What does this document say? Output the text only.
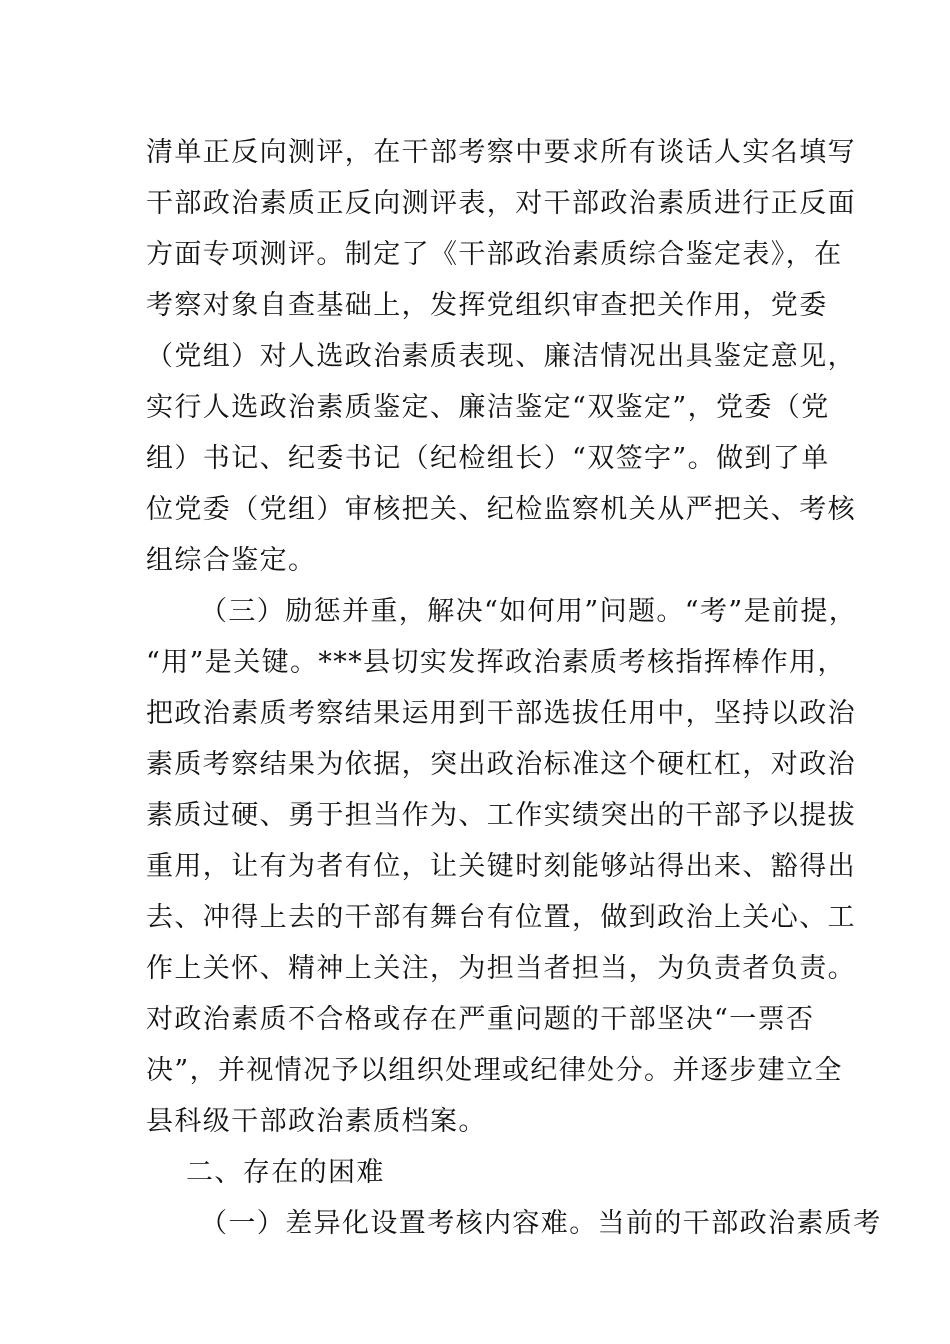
清单正反向测评，在干部考察中要求所有谈话人实名填写
干部政治素质正反向测评表，对干部政治素质进行正反面
方面专项测评。制定了《干部政治素质综合鉴定表》，在
考察对象自查基础上，发挥党组织审查把关作用，党委
（党组）对人选政治素质表现、廉洁情况出具鉴定意见，
实行人选政治素质鉴定、廉洁鉴定“双鉴定”，党委（党
组）书记、纪委书记（纪检组长）“双签字”。做到了单
位党委（党组）审核把关、纪检监察机关从严把关、考核
组综合鉴定。
（三）励惩并重，解决“如何用”问题。“考”是前提，
“用”是关键。***县切实发挥政治素质考核指挥棒作用，
把政治素质考察结果运用到干部选拔任用中，坚持以政治
素质考察结果为依据，突出政治标准这个硬杠杠，对政治
素质过硬、勇于担当作为、工作实绩突出的干部予以提拔
重用，让有为者有位，让关键时刻能够站得出来、豁得出
去、冲得上去的干部有舞台有位置，做到政治上关心、工
作上关怀、精神上关注，为担当者担当，为负责者负责。
对政治素质不合格或存在严重问题的干部坚决“一票否
决”，并视情况予以组织处理或纪律处分。并逐步建立全
县科级干部政治素质档案。
二、存在的困难
（一）差异化设置考核内容难。当前的干部政治素质考
